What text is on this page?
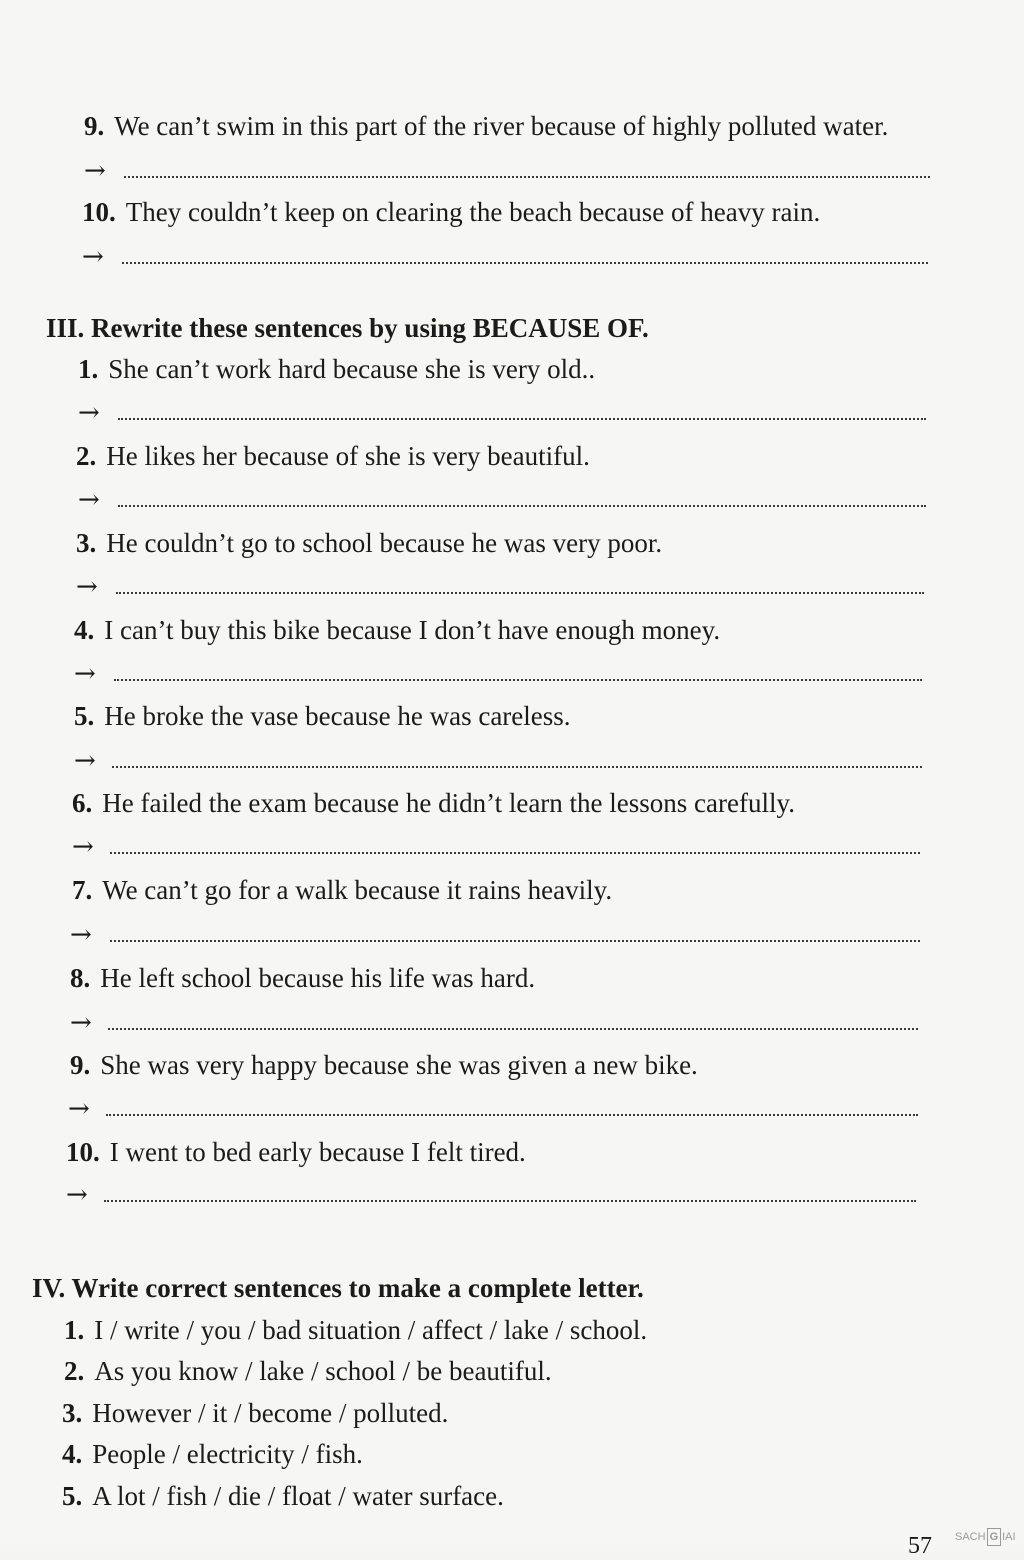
9. We can’t swim in this part of the river because of highly polluted water.
→
10. They couldn’t keep on clearing the beach because of heavy rain.
→
III. Rewrite these sentences by using BECAUSE OF.
1. She can’t work hard because she is very old..
→
2. He likes her because of she is very beautiful.
→
3. He couldn’t go to school because he was very poor.
→
4. I can’t buy this bike because I don’t have enough money.
→
5. He broke the vase because he was careless.
→
6. He failed the exam because he didn’t learn the lessons carefully.
→
7. We can’t go for a walk because it rains heavily.
→
8. He left school because his life was hard.
→
9. She was very happy because she was given a new bike.
→
10. I went to bed early because I felt tired.
→
IV. Write correct sentences to make a complete letter.
1. I / write / you / bad situation / affect / lake / school.
2. As you know / lake / school / be beautiful.
3. However / it / become / polluted.
4. People / electricity / fish.
5. A lot / fish / die / float / water surface.
57 SACH G IAI
